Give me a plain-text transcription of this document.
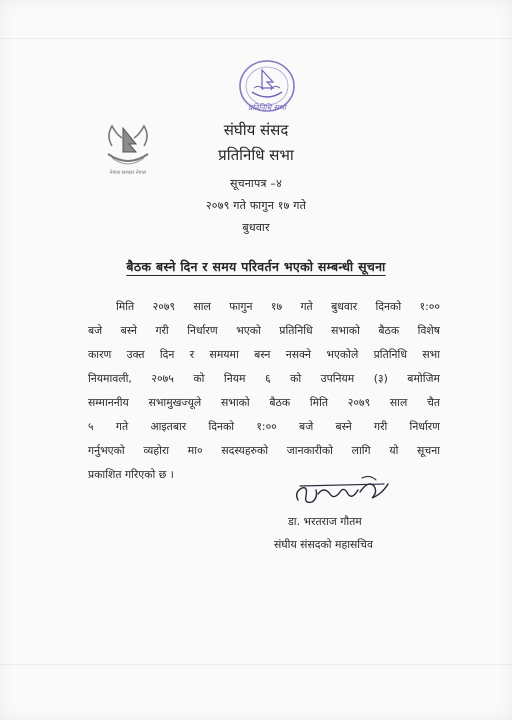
प्रतिनिधि सभा
नेपाल सरकार नेपाल
संघीय संसद
प्रतिनिधि सभा
सूचनापत्र –४
२०७९ गते फागुन १७ गते
बुधवार
बैठक बस्ने दिन र समय परिवर्तन भएको सम्बन्धी सूचना
मिति २०७९ साल फागुन १७ गते बुधवार दिनको १:००
बजे बस्ने गरी निर्धारण भएको प्रतिनिधि सभाको बैठक विशेष
कारण उक्त दिन र समयमा बस्न नसक्ने भएकोले प्रतिनिधि सभा
नियमावली, २०७५ को नियम ६ को उपनियम (३) बमोजिम
सम्माननीय सभामुखज्यूले सभाको बैठक मिति २०७९ साल चैत
५ गते आइतबार दिनको १:०० बजे बस्ने गरी निर्धारण
गर्नुभएको व्यहोरा मा० सदस्यहरुको जानकारीको लागि यो सूचना
प्रकाशित गरिएको छ ।
डा. भरतराज गौतम
संघीय संसदको महासचिव
